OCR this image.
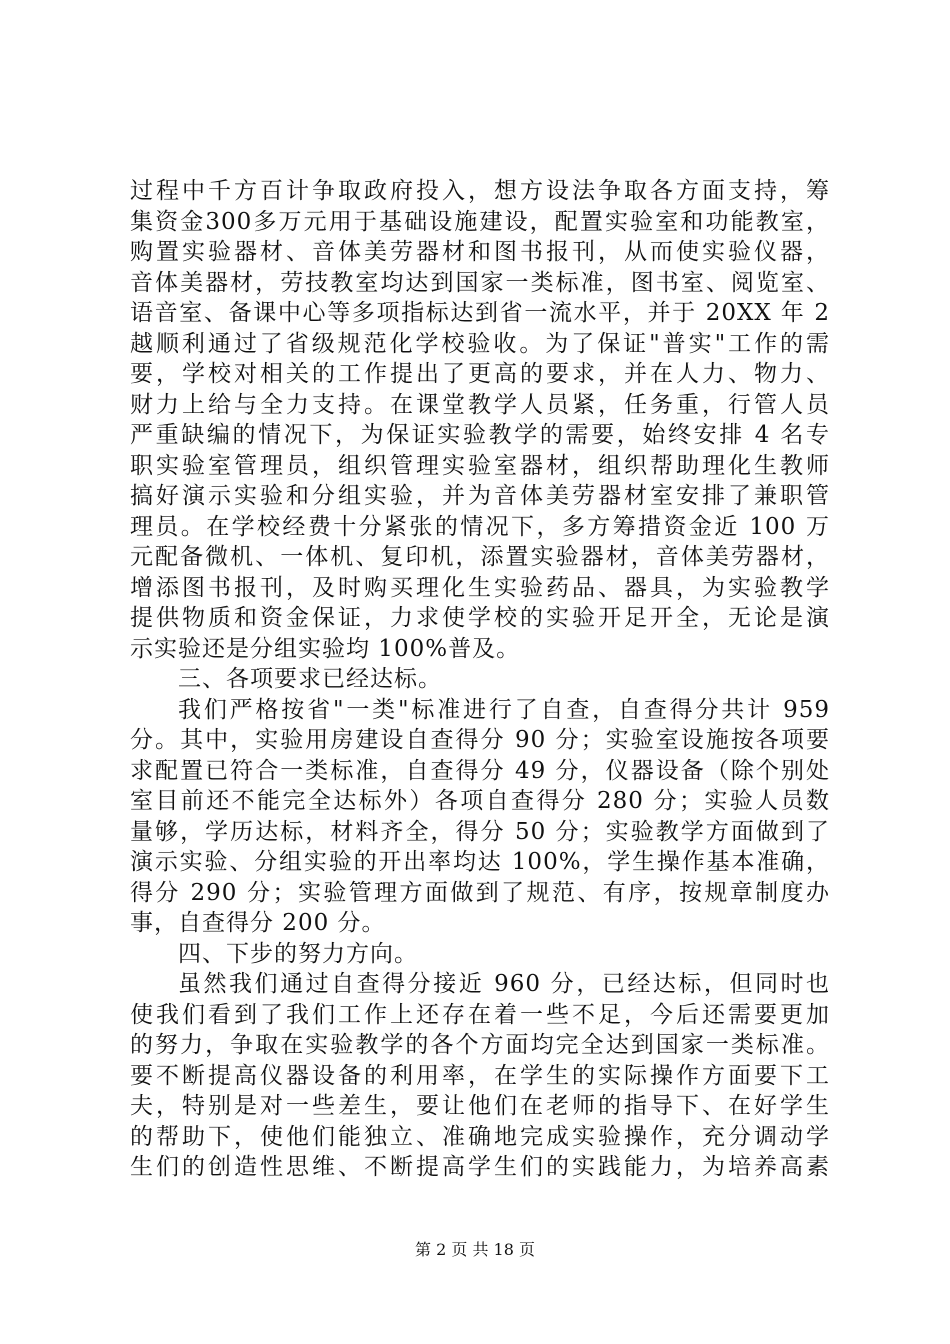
过程中千方百计争取政府投入，想方设法争取各方面支持，筹
集资金300多万元用于基础设施建设，配置实验室和功能教室，
购置实验器材、音体美劳器材和图书报刊，从而使实验仪器，
音体美器材，劳技教室均达到国家一类标准，图书室、阅览室、
语音室、备课中心等多项指标达到省一流水平，并于 20XX 年 2
越顺利通过了省级规范化学校验收。为了保证"普实"工作的需
要，学校对相关的工作提出了更高的要求，并在人力、物力、
财力上给与全力支持。在课堂教学人员紧，任务重，行管人员
严重缺编的情况下，为保证实验教学的需要，始终安排 4 名专
职实验室管理员，组织管理实验室器材，组织帮助理化生教师
搞好演示实验和分组实验，并为音体美劳器材室安排了兼职管
理员。在学校经费十分紧张的情况下，多方筹措资金近 100 万
元配备微机、一体机、复印机，添置实验器材，音体美劳器材，
增添图书报刊，及时购买理化生实验药品、器具，为实验教学
提供物质和资金保证，力求使学校的实验开足开全，无论是演
示实验还是分组实验均 100%普及。
三、各项要求已经达标。
我们严格按省"一类"标准进行了自查，自查得分共计 959
分。其中，实验用房建设自查得分 90 分；实验室设施按各项要
求配置已符合一类标准，自查得分 49 分，仪器设备（除个别处
室目前还不能完全达标外）各项自查得分 280 分；实验人员数
量够，学历达标，材料齐全，得分 50 分；实验教学方面做到了
演示实验、分组实验的开出率均达 100%，学生操作基本准确，
得分 290 分；实验管理方面做到了规范、有序，按规章制度办
事，自查得分 200 分。
四、下步的努力方向。
虽然我们通过自查得分接近 960 分，已经达标，但同时也
使我们看到了我们工作上还存在着一些不足，今后还需要更加
的努力，争取在实验教学的各个方面均完全达到国家一类标准。
要不断提高仪器设备的利用率，在学生的实际操作方面要下工
夫，特别是对一些差生，要让他们在老师的指导下、在好学生
的帮助下，使他们能独立、准确地完成实验操作，充分调动学
生们的创造性思维、不断提高学生们的实践能力，为培养高素
第 2 页 共 18 页
